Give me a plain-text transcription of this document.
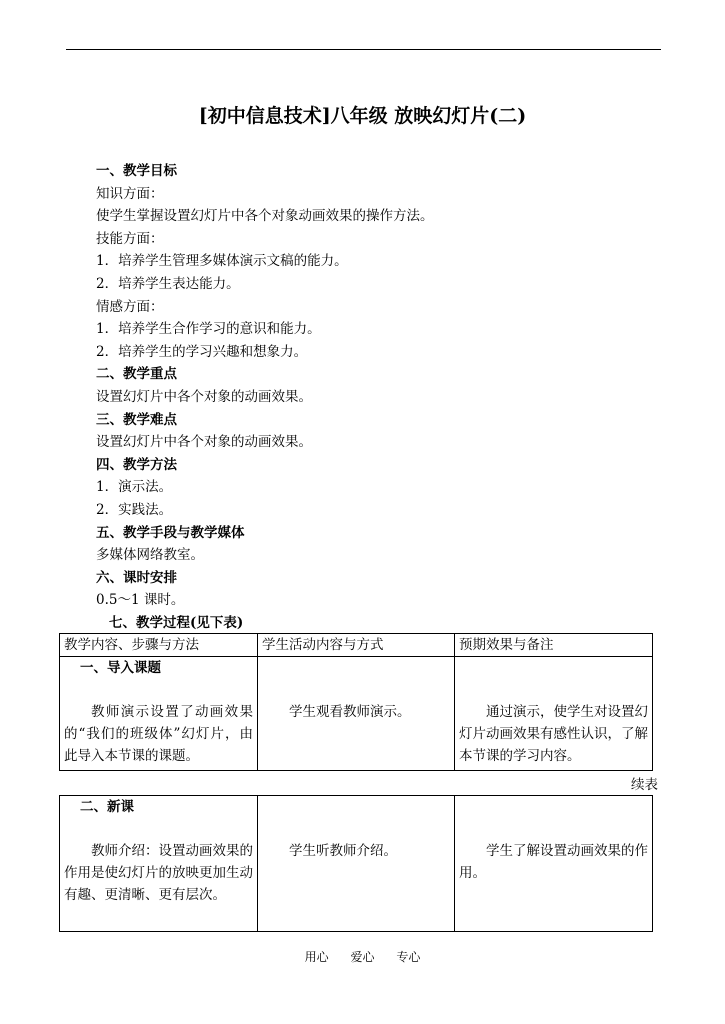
[初中信息技术]八年级 放映幻灯片(二)
一、教学目标
知识方面：
使学生掌握设置幻灯片中各个对象动画效果的操作方法。
技能方面：
1．培养学生管理多媒体演示文稿的能力。
2．培养学生表达能力。
情感方面：
1．培养学生合作学习的意识和能力。
2．培养学生的学习兴趣和想象力。
二、教学重点
设置幻灯片中各个对象的动画效果。
三、教学难点
设置幻灯片中各个对象的动画效果。
四、教学方法
1．演示法。
2．实践法。
五、教学手段与教学媒体
多媒体网络教室。
六、课时安排
0.5～1 课时。
七、教学过程(见下表)
教学内容、步骤与方法	学生活动内容与方式	预期效果与备注

一、导入课题
教师演示设置了动画效果的“我们的班级体”幻灯片，由此导入本节课的课题。	学生观看教师演示。	通过演示，使学生对设置幻灯片动画效果有感性认识，了解本节课的学习内容。
续表
二、新课
教师介绍：设置动画效果的作用是使幻灯片的放映更加生动有趣、更清晰、更有层次。

学生听教师介绍。	学生了解设置动画效果的作用。
用心 爱心 专心
